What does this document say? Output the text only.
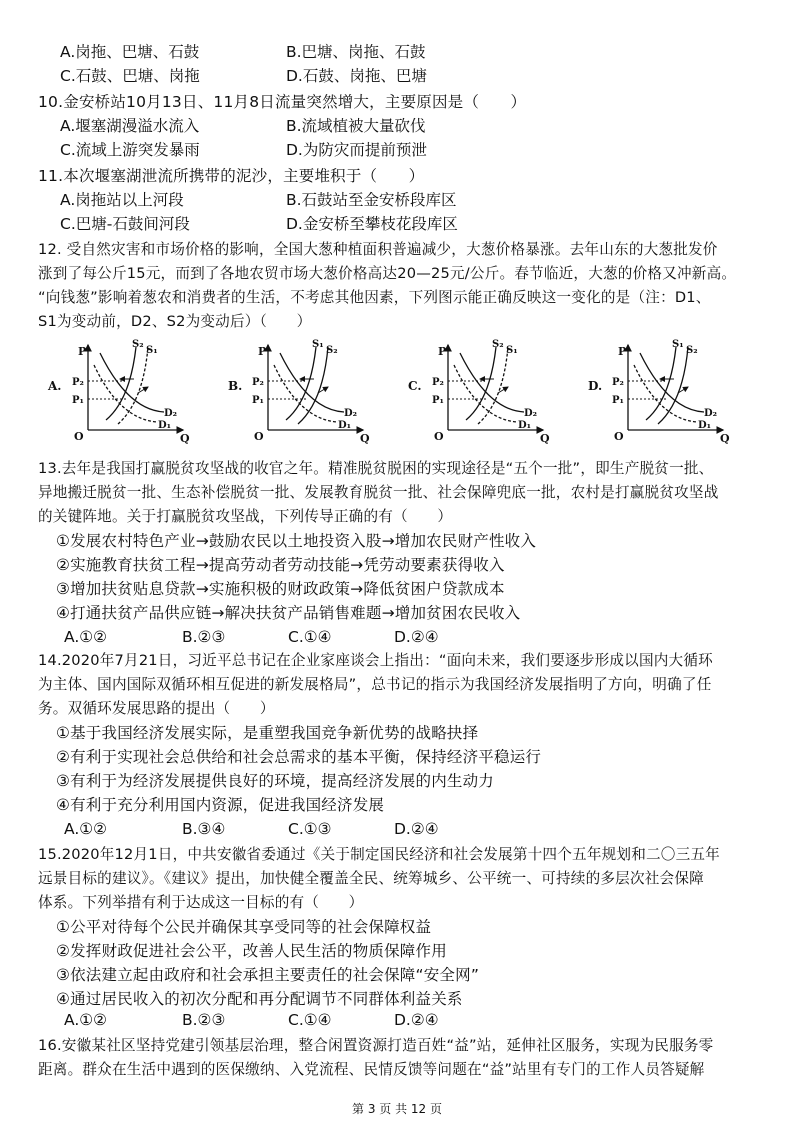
A.岗拖、巴塘、石鼓	B.巴塘、岗拖、石鼓
C.石鼓、巴塘、岗拖	D.石鼓、岗拖、巴塘
10.金安桥站10月13日、11月8日流量突然增大，主要原因是（　　）
A.堰塞湖漫溢水流入	B.流域植被大量砍伐
C.流域上游突发暴雨	D.为防灾而提前预泄
11.本次堰塞湖泄流所携带的泥沙，主要堆积于（　　）
A.岗拖站以上河段	B.石鼓站至金安桥段库区
C.巴塘-石鼓间河段	D.金安桥至攀枝花段库区
12. 受自然灾害和市场价格的影响，全国大葱种植面积普遍减少，大葱价格暴涨。去年山东的大葱批发价
涨到了每公斤15元，而到了各地农贸市场大葱价格高达20—25元/公斤。春节临近，大葱的价格又冲新高。
“向钱葱”影响着葱农和消费者的生活，不考虑其他因素，下列图示能正确反映这一变化的是（注：D1、
S1为变动前，D2、S2为变动后）（　　）
A.
P
O	Q
P₂
P₁
S₂
S₁
D₂
D₁
B.
P
O	Q
P₂
P₁
S₁
S₂
D₂
D₁
C.
P
O	Q
P₂
P₁
S₂
S₁
D₂
D₁
D.
P
O	Q
P₂
P₁
S₁
S₂
D₂
D₁
13.去年是我国打赢脱贫攻坚战的收官之年。精准脱贫脱困的实现途径是“五个一批”，即生产脱贫一批、
异地搬迁脱贫一批、生态补偿脱贫一批、发展教育脱贫一批、社会保障兜底一批，农村是打赢脱贫攻坚战
的关键阵地。关于打赢脱贫攻坚战，下列传导正确的有（　　）
①发展农村特色产业→鼓励农民以土地投资入股→增加农民财产性收入
②实施教育扶贫工程→提高劳动者劳动技能→凭劳动要素获得收入
③增加扶贫贴息贷款→实施积极的财政政策→降低贫困户贷款成本
④打通扶贫产品供应链→解决扶贫产品销售难题→增加贫困农民收入
A.①②	B.②③	C.①④	D.②④
14.2020年7月21日，习近平总书记在企业家座谈会上指出：“面向未来，我们要逐步形成以国内大循环
为主体、国内国际双循环相互促进的新发展格局”，总书记的指示为我国经济发展指明了方向，明确了任
务。双循环发展思路的提出（　　）
①基于我国经济发展实际，是重塑我国竞争新优势的战略抉择
②有利于实现社会总供给和社会总需求的基本平衡，保持经济平稳运行
③有利于为经济发展提供良好的环境，提高经济发展的内生动力
④有利于充分利用国内资源，促进我国经济发展
A.①②	B.③④	C.①③	D.②④
15.2020年12月1日，中共安徽省委通过《关于制定国民经济和社会发展第十四个五年规划和二〇三五年
远景目标的建议》。《建议》提出，加快健全覆盖全民、统筹城乡、公平统一、可持续的多层次社会保障
体系。下列举措有利于达成这一目标的有（　　）
①公平对待每个公民并确保其享受同等的社会保障权益
②发挥财政促进社会公平，改善人民生活的物质保障作用
③依法建立起由政府和社会承担主要责任的社会保障“安全网”
④通过居民收入的初次分配和再分配调节不同群体利益关系
A.①②	B.②③	C.①④	D.②④
16.安徽某社区坚持党建引领基层治理，整合闲置资源打造百姓“益”站，延伸社区服务，实现为民服务零
距离。群众在生活中遇到的医保缴纳、入党流程、民情反馈等问题在“益”站里有专门的工作人员答疑解
第 3 页 共 12 页
